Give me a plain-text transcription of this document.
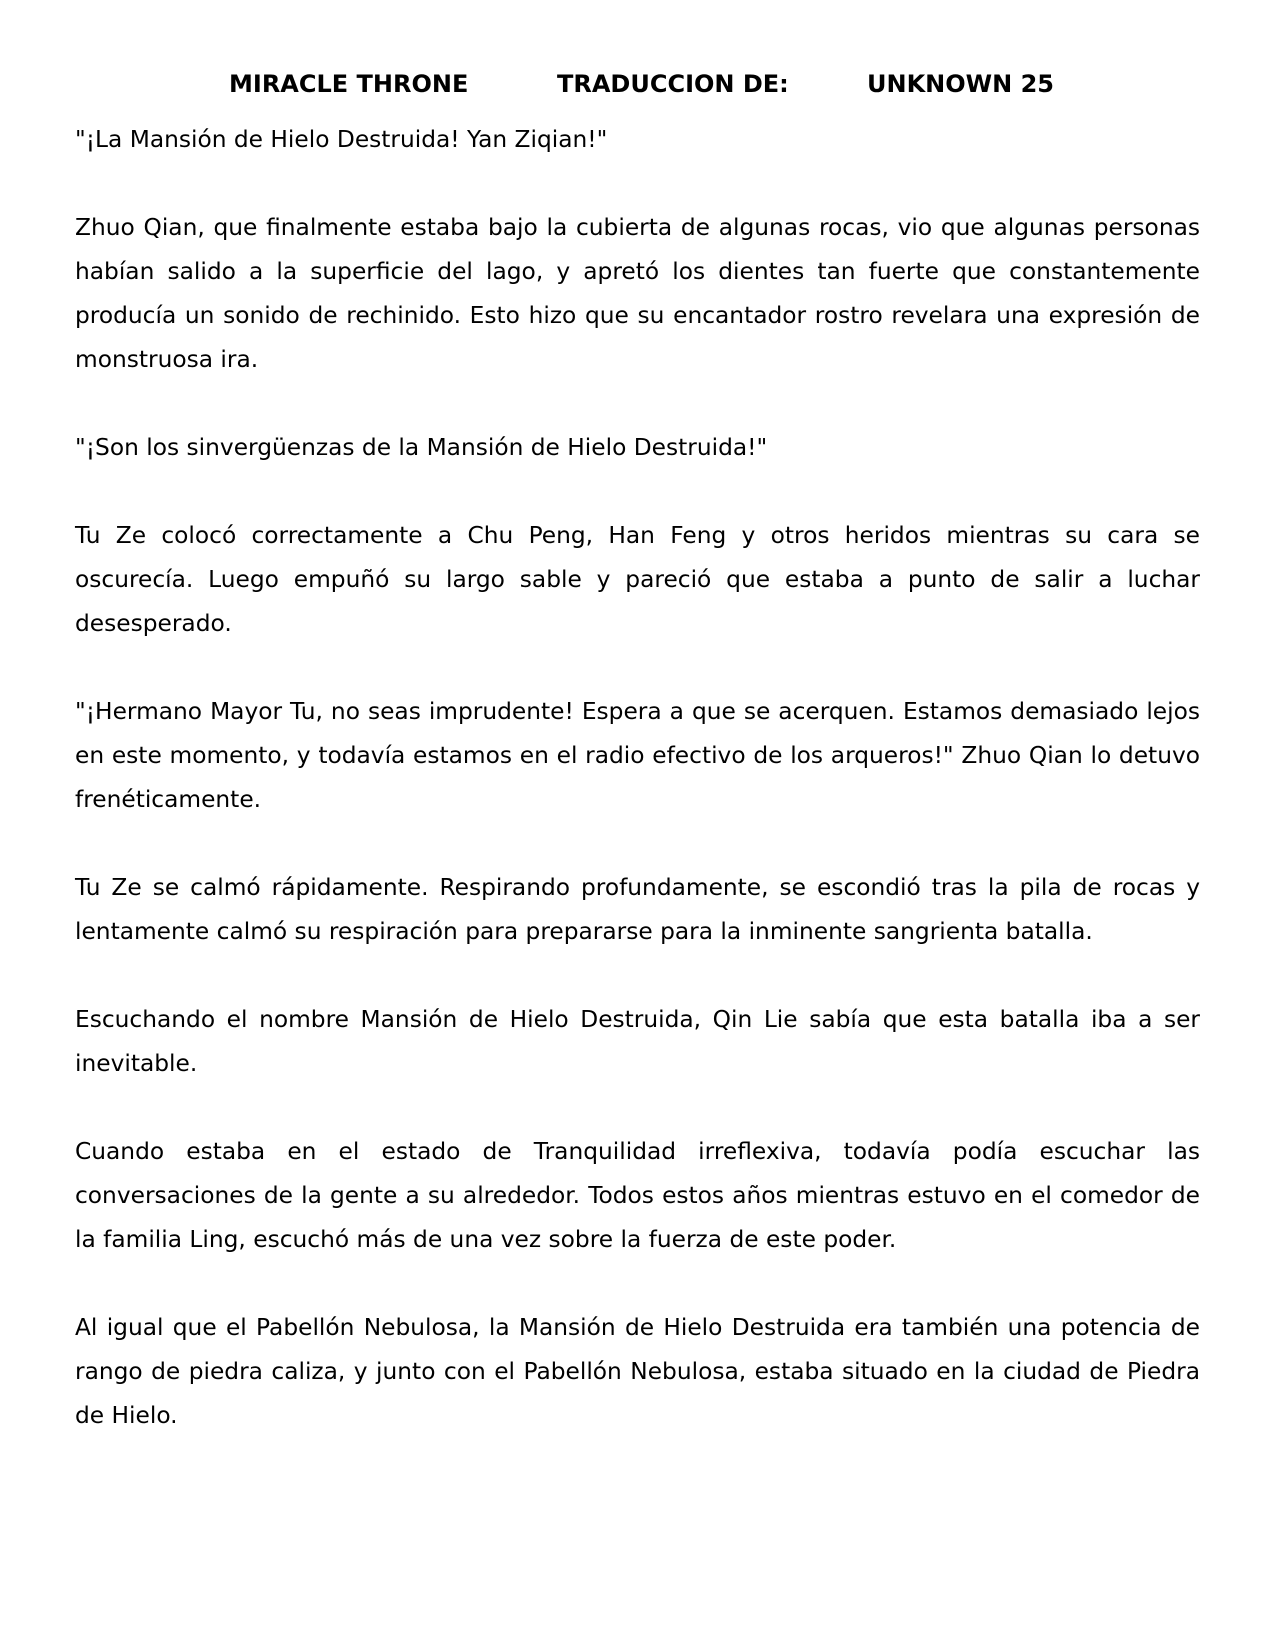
MIRACLE THRONE	TRADUCCION DE:	UNKNOWN 25

"¡La Mansión de Hielo Destruida! Yan Ziqian!"

Zhuo Qian, que finalmente estaba bajo la cubierta de algunas rocas, vio que algunas personas habían salido a la superficie del lago, y apretó los dientes tan fuerte que constantemente producía un sonido de rechinido. Esto hizo que su encantador rostro revelara una expresión de monstruosa ira.

"¡Son los sinvergüenzas de la Mansión de Hielo Destruida!"

Tu Ze colocó correctamente a Chu Peng, Han Feng y otros heridos mientras su cara se oscurecía. Luego empuñó su largo sable y pareció que estaba a punto de salir a luchar desesperado.

"¡Hermano Mayor Tu, no seas imprudente! Espera a que se acerquen. Estamos demasiado lejos en este momento, y todavía estamos en el radio efectivo de los arqueros!" Zhuo Qian lo detuvo frenéticamente.

Tu Ze se calmó rápidamente. Respirando profundamente, se escondió tras la pila de rocas y lentamente calmó su respiración para prepararse para la inminente sangrienta batalla.

Escuchando el nombre Mansión de Hielo Destruida, Qin Lie sabía que esta batalla iba a ser inevitable.

Cuando estaba en el estado de Tranquilidad irreflexiva, todavía podía escuchar las conversaciones de la gente a su alrededor. Todos estos años mientras estuvo en el comedor de la familia Ling, escuchó más de una vez sobre la fuerza de este poder.

Al igual que el Pabellón Nebulosa, la Mansión de Hielo Destruida era también una potencia de rango de piedra caliza, y junto con el Pabellón Nebulosa, estaba situado en la ciudad de Piedra de Hielo.
